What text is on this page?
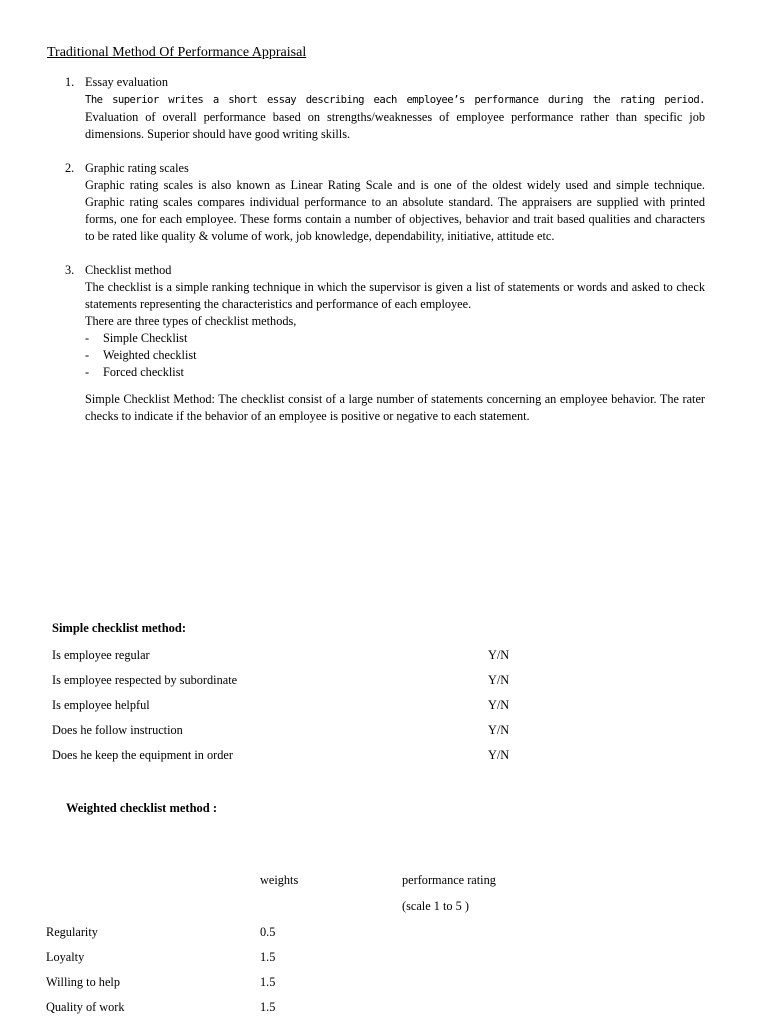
Traditional Method Of Performance Appraisal
1. Essay evaluation

The superior writes a short essay describing each employee’s performance during the rating period. Evaluation of overall performance based on strengths/weaknesses of employee performance rather than specific job dimensions. Superior should have good writing skills.

2. Graphic rating scales

Graphic rating scales is also known as Linear Rating Scale and is one of the oldest widely used and simple technique. Graphic rating scales compares individual performance to an absolute standard. The appraisers are supplied with printed forms, one for each employee. These forms contain a number of objectives, behavior and trait based qualities and characters to be rated like quality & volume of work, job knowledge, dependability, initiative, attitude etc.

3. Checklist method

The checklist is a simple ranking technique in which the supervisor is given a list of statements or words and asked to check statements representing the characteristics and performance of each employee.

There are three types of checklist methods,
-	Simple Checklist
-	Weighted checklist
-	Forced checklist

Simple Checklist Method: The checklist consist of a large number of statements concerning an employee behavior. The rater checks to indicate if the behavior of an employee is positive or negative to each statement.

Simple checklist method:
Is employee regular	Y/N
Is employee respected by subordinate	Y/N
Is employee helpful	Y/N
Does he follow instruction	Y/N
Does he keep the equipment in order	Y/N
Weighted checklist method :
weights	performance rating
(scale 1 to 5 )
Regularity	0.5
Loyalty	1.5
Willing to help	1.5
Quality of work	1.5
